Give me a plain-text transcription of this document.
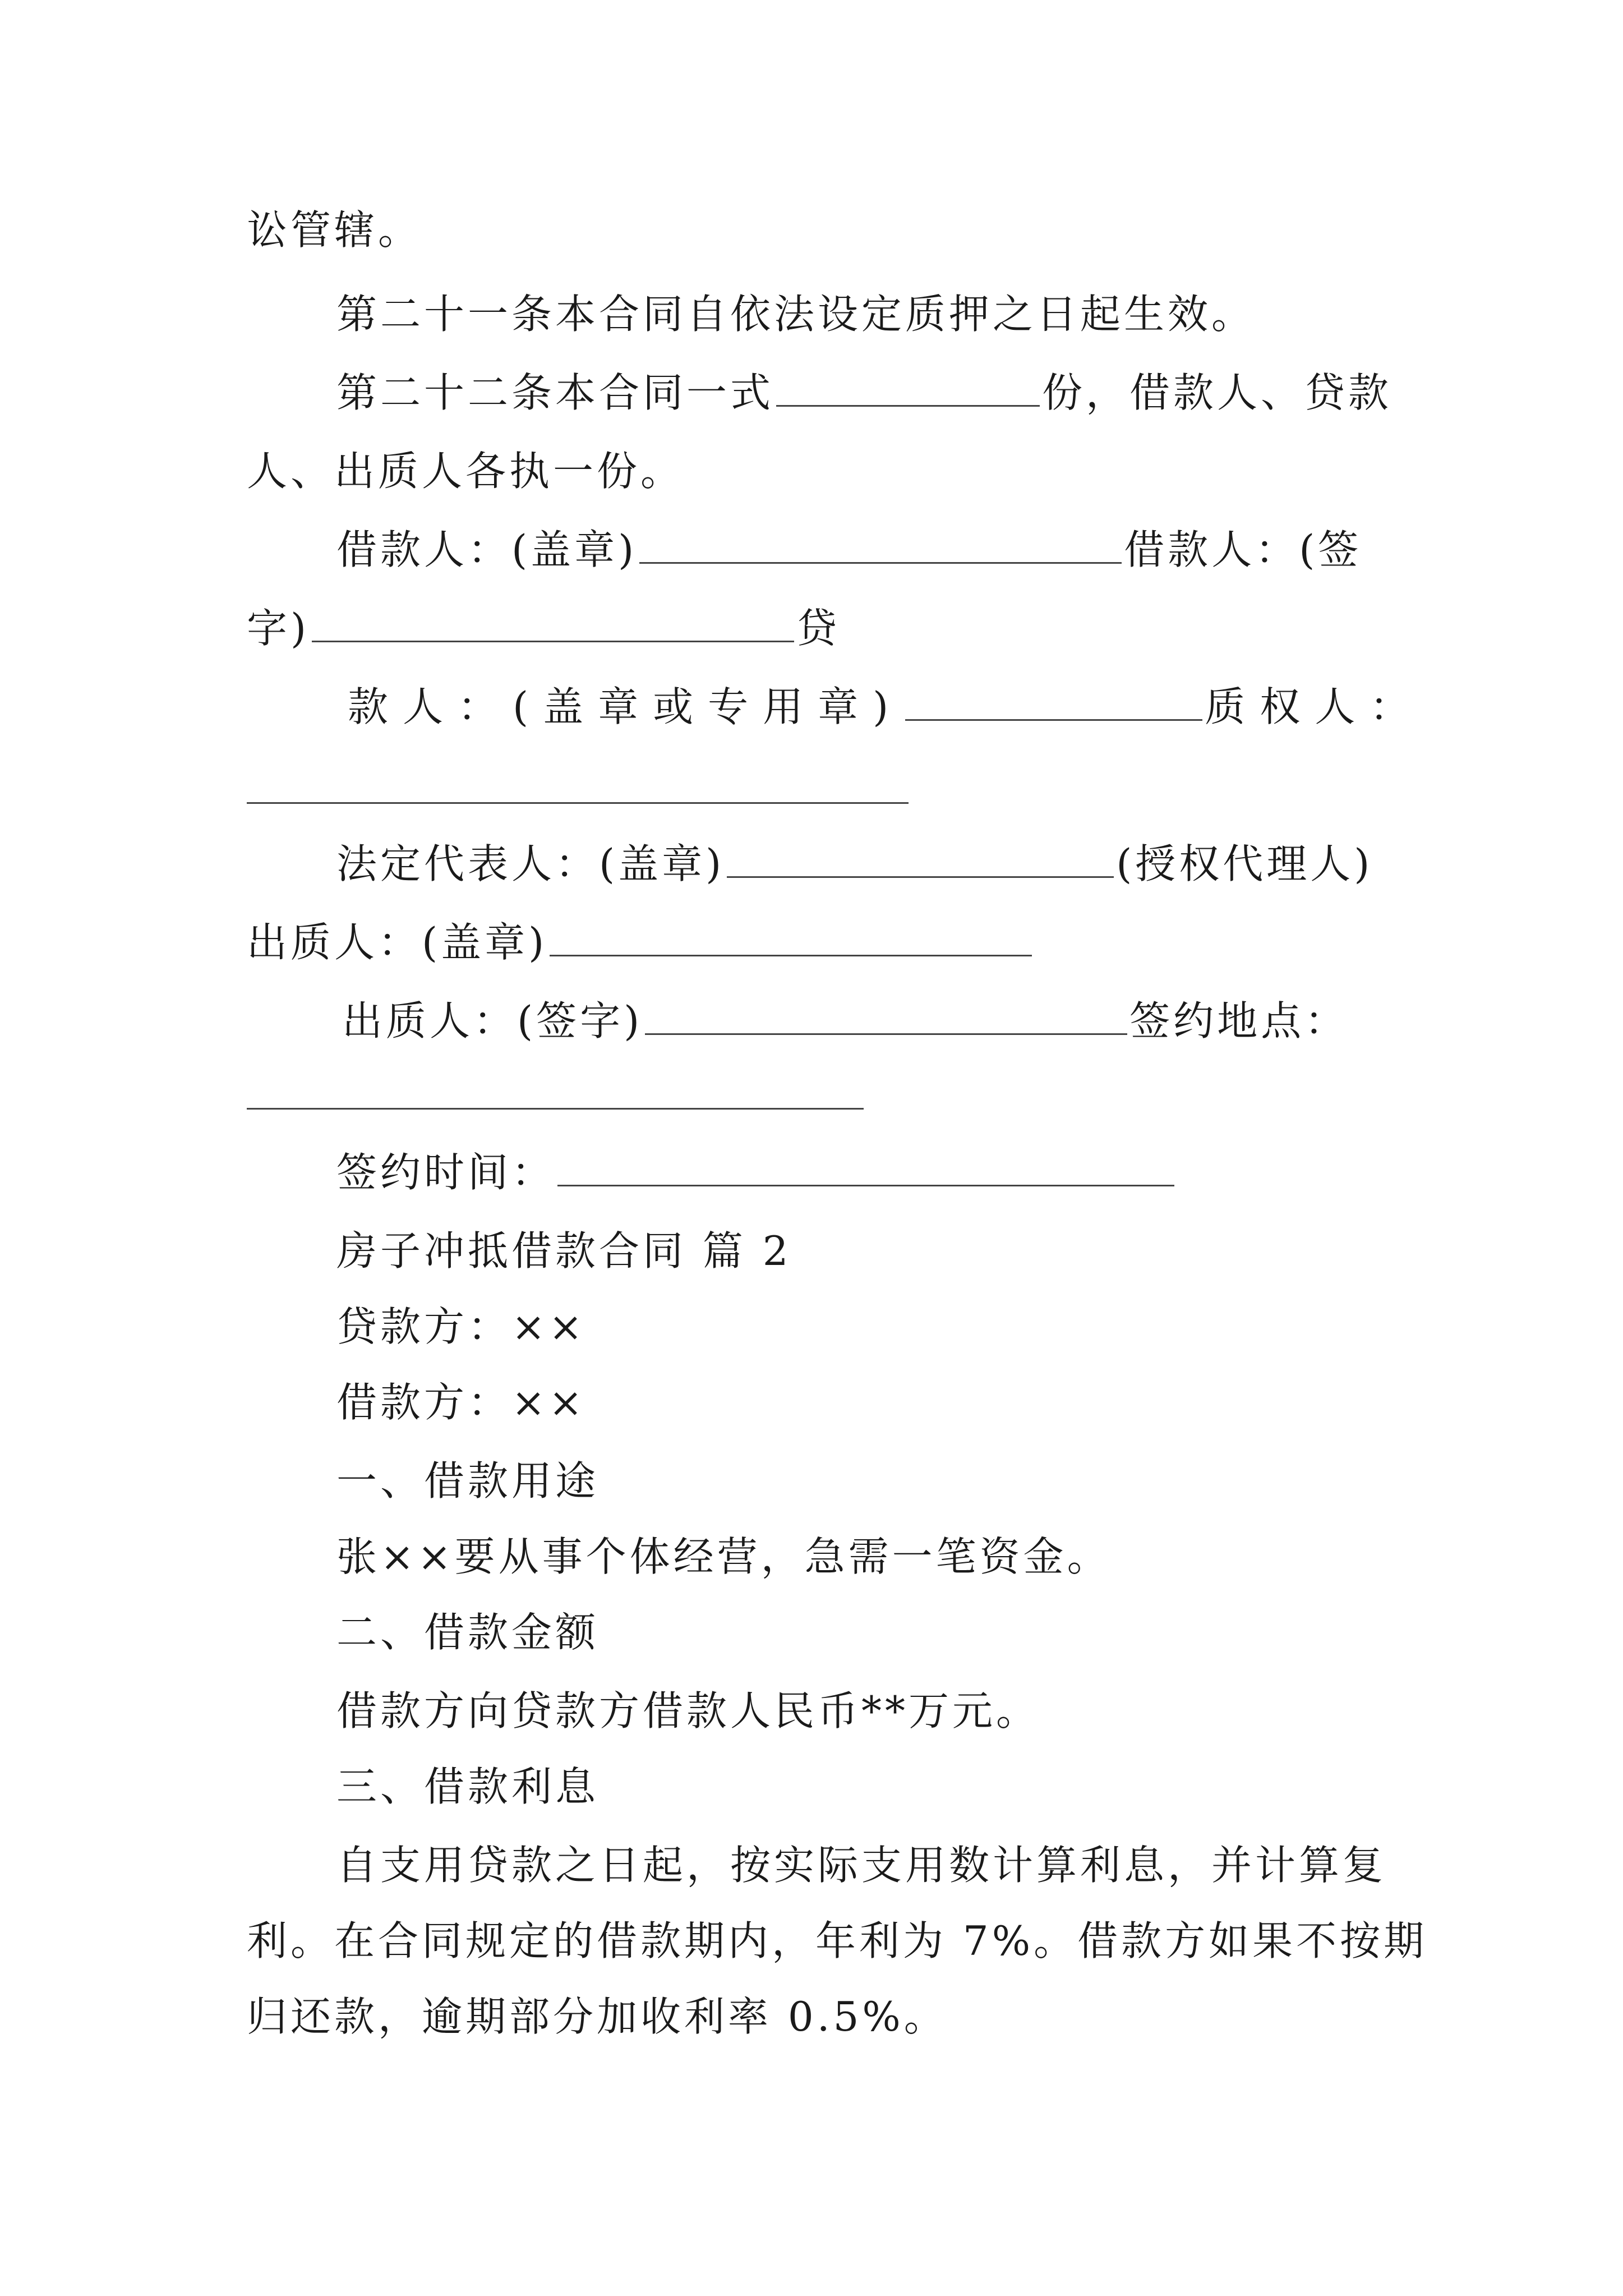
讼管辖。
第二十一条本合同自依法设定质押之日起生效。
第二十二条本合同一式	份，借款人、贷款
人、出质人各执一份。
借款人：(盖章)	借款人：(签
字)	贷
款人：(盖章或专用章)	质权人：
法定代表人：(盖章)	(授权代理人)
出质人：(盖章)
出质人：(签字)	签约地点：
签约时间：
房子冲抵借款合同 篇 2
贷款方：××
借款方：××
一、借款用途
张××要从事个体经营，急需一笔资金。
二、借款金额
借款方向贷款方借款人民币**万元。
三、借款利息
自支用贷款之日起，按实际支用数计算利息，并计算复
利。在合同规定的借款期内，年利为 7%。借款方如果不按期
归还款，逾期部分加收利率 0.5%。
